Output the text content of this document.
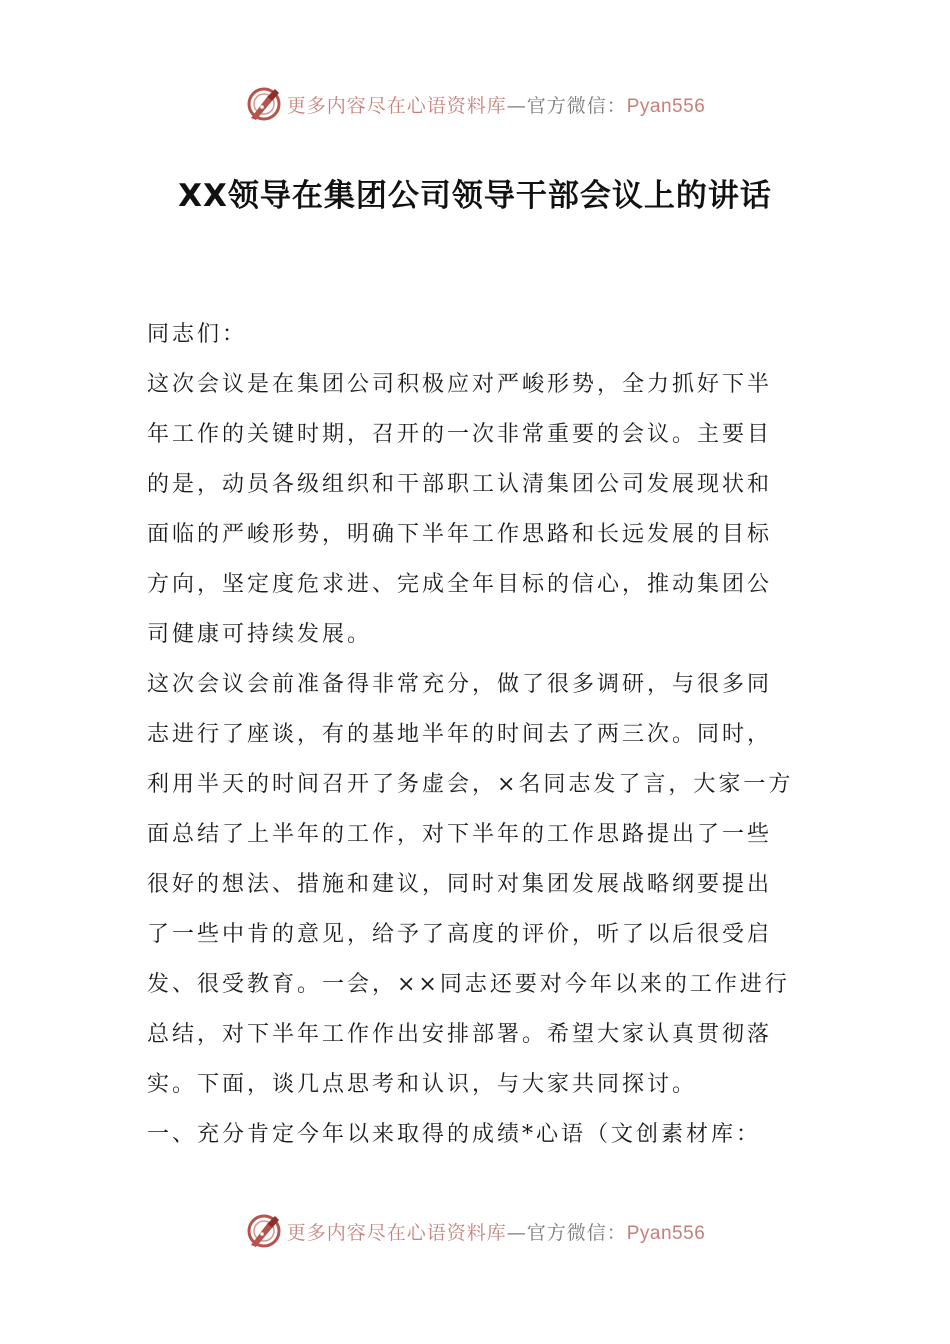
更多内容尽在心语资料库—官方微信：Pyan556
XX领导在集团公司领导干部会议上的讲话
同志们：
这次会议是在集团公司积极应对严峻形势，全力抓好下半
年工作的关键时期，召开的一次非常重要的会议。主要目
的是，动员各级组织和干部职工认清集团公司发展现状和
面临的严峻形势，明确下半年工作思路和长远发展的目标
方向，坚定度危求进、完成全年目标的信心，推动集团公
司健康可持续发展。
这次会议会前准备得非常充分，做了很多调研，与很多同
志进行了座谈，有的基地半年的时间去了两三次。同时，
利用半天的时间召开了务虚会，×名同志发了言，大家一方
面总结了上半年的工作，对下半年的工作思路提出了一些
很好的想法、措施和建议，同时对集团发展战略纲要提出
了一些中肯的意见，给予了高度的评价，听了以后很受启
发、很受教育。一会，××同志还要对今年以来的工作进行
总结，对下半年工作作出安排部署。希望大家认真贯彻落
实。下面，谈几点思考和认识，与大家共同探讨。
一、充分肯定今年以来取得的成绩*心语（文创素材库：
更多内容尽在心语资料库—官方微信：Pyan556
